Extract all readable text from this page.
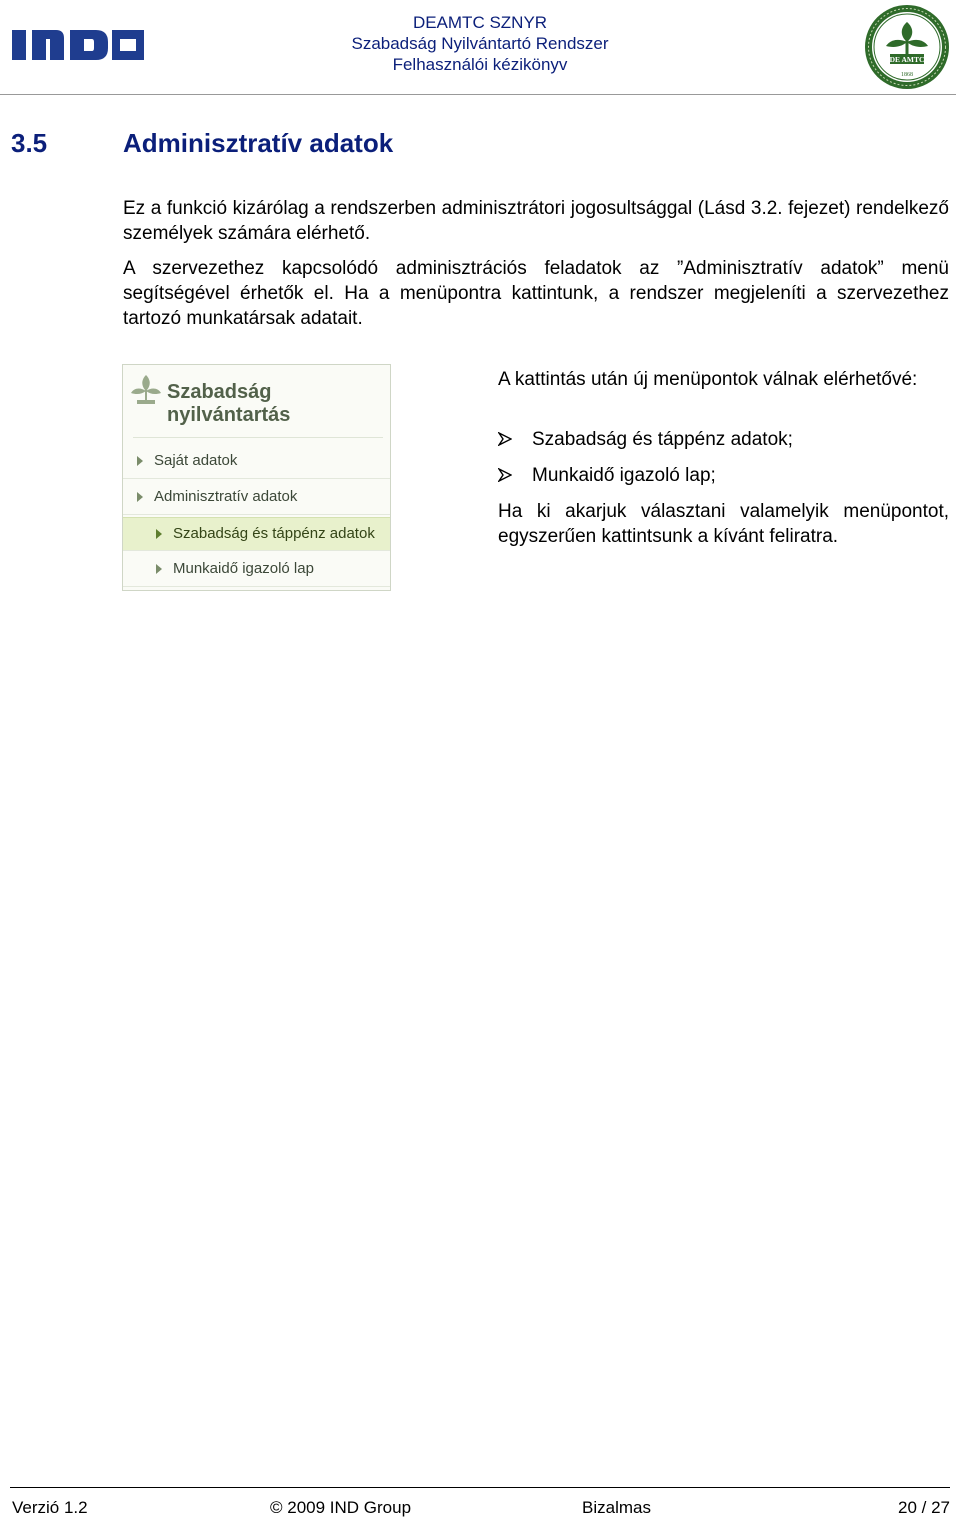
DEAMTC SZNYR
Szabadság Nyilvántartó Rendszer
Felhasználói kézikönyv	DE AMTC
1868
3.5	Adminisztratív adatok
Ez a funkció kizárólag a rendszerben adminisztrátori jogosultsággal (Lásd 3.2. fejezet) rendelkező személyek számára elérhető.
A szervezethez kapcsolódó adminisztrációs feladatok az ”Adminisztratív adatok” menü segítségével érhetők el. Ha a menüpontra kattintunk, a rendszer megjeleníti a szervezethez tartozó munkatársak adatait.
Szabadság
nyilvántartás
Saját adatok
Adminisztratív adatok
Szabadság és táppénz adatok
Munkaidő igazoló lap
A kattintás után új menüpontok válnak elérhetővé:
Szabadság és táppénz adatok;
Munkaidő igazoló lap;
Ha ki akarjuk választani valamelyik menüpontot, egyszerűen kattintsunk a kívánt feliratra.
Verzió 1.2	© 2009 IND Group	Bizalmas	20 / 27
